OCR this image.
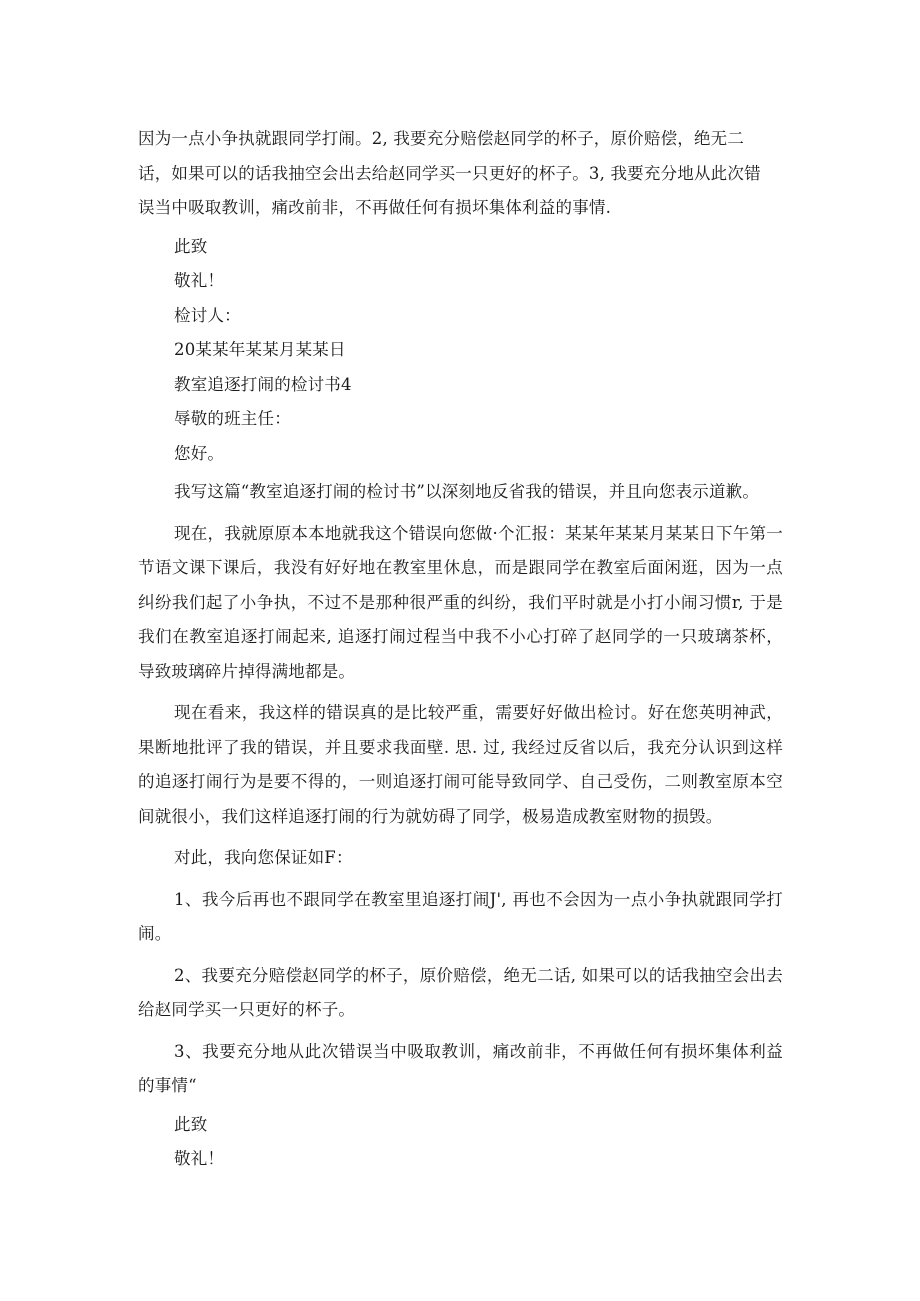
因为一点小争执就跟同学打闹。2, 我要充分赔偿赵同学的杯子，原价赔偿，绝无二

话，如果可以的话我抽空会出去给赵同学买一只更好的杯子。3, 我要充分地从此次错

误当中吸取教训，痛改前非，不再做任何有损坏集体利益的事情.

此致

敬礼！

检讨人：

20某某年某某月某某日

教室追逐打闹的检讨书4

辱敬的班主任：

您好。

我写这篇“教室追逐打闹的检讨书”以深刻地反省我的错误，并且向您表示道歉。

现在，我就原原本本地就我这个错误向您做·个汇报：某某年某某月某某日下午第一节语文课下课后，我没有好好地在教室里休息，而是跟同学在教室后面闲逛，因为一点纠纷我们起了小争执，不过不是那种很严重的纠纷，我们平时就是小打小闹习惯r, 于是我们在教室追逐打闹起来, 追逐打闹过程当中我不小心打碎了赵同学的一只玻璃茶杯，导致玻璃碎片掉得满地都是。

现在看来，我这样的错误真的是比较严重，需要好好做出检讨。好在您英明神武，果断地批评了我的错误，并且要求我面壁. 思. 过, 我经过反省以后，我充分认识到这样的追逐打闹行为是要不得的，一则追逐打闹可能导致同学、自己受伤，二则教室原本空间就很小，我们这样追逐打闹的行为就妨碍了同学，极易造成教室财物的损毁。

对此，我向您保证如F：

1、我今后再也不跟同学在教室里追逐打闹J', 再也不会因为一点小争执就跟同学打闹。

2、我要充分赔偿赵同学的杯子，原价赔偿，绝无二话, 如果可以的话我抽空会出去给赵同学买一只更好的杯子。

3、我要充分地从此次错误当中吸取教训，痛改前非，不再做任何有损坏集体利益的事情“

此致

敬礼！
